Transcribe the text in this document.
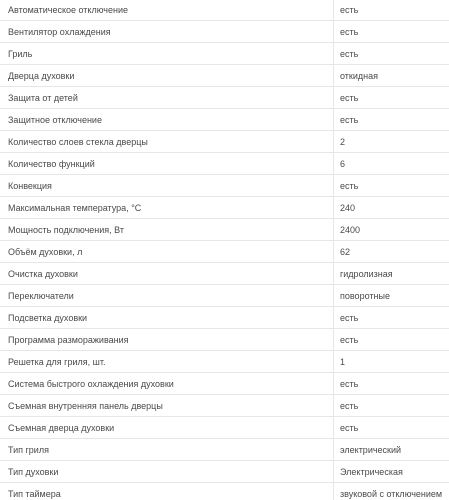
Автоматическое отключение	есть
Вентилятор охлаждения	есть
Гриль	есть
Дверца духовки	откидная
Защита от детей	есть
Защитное отключение	есть
Количество слоев стекла дверцы	2
Количество функций	6
Конвекция	есть
Максимальная температура, °С	240
Мощность подключения, Вт	2400
Объём духовки, л	62
Очистка духовки	гидролизная
Переключатели	поворотные
Подсветка духовки	есть
Программа размораживания	есть
Решетка для гриля, шт.	1
Система быстрого охлаждения духовки	есть
Съемная внутренняя панель дверцы	есть
Съемная дверца духовки	есть
Тип гриля	электрический
Тип духовки	Электрическая
Тип таймера	звуковой с отключением
